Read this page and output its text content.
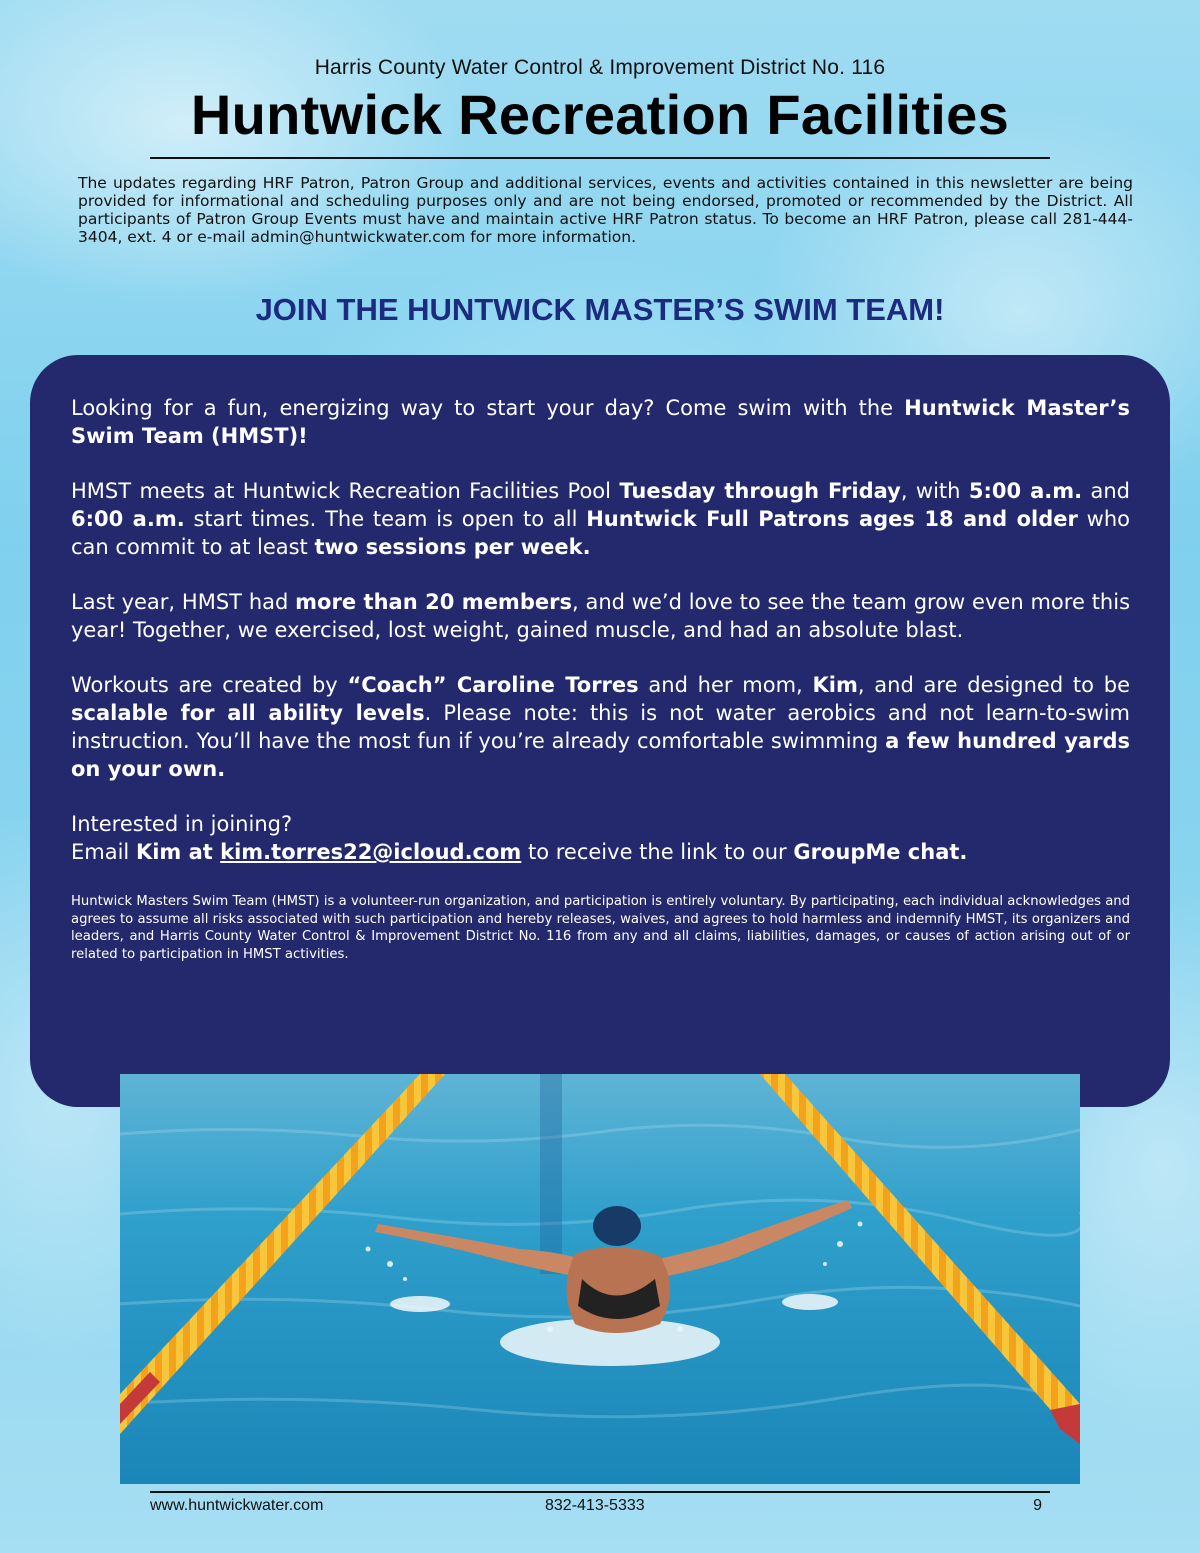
Harris County Water Control & Improvement District No. 116
Huntwick Recreation Facilities
The updates regarding HRF Patron, Patron Group and additional services, events and activities contained in this newsletter are being provided for informational and scheduling purposes only and are not being endorsed, promoted or recommended by the District. All participants of Patron Group Events must have and maintain active HRF Patron status. To become an HRF Patron, please call 281-444-3404, ext. 4 or e-mail admin@huntwickwater.com for more information.
JOIN THE HUNTWICK MASTER’S SWIM TEAM!

Looking for a fun, energizing way to start your day? Come swim with the Huntwick Master’s Swim Team (HMST)!

HMST meets at Huntwick Recreation Facilities Pool Tuesday through Friday, with 5:00 a.m. and 6:00 a.m. start times. The team is open to all Huntwick Full Patrons ages 18 and older who can commit to at least two sessions per week.

Last year, HMST had more than 20 members, and we’d love to see the team grow even more this year! Together, we exercised, lost weight, gained muscle, and had an absolute blast.

Workouts are created by “Coach” Caroline Torres and her mom, Kim, and are designed to be scalable for all ability levels. Please note: this is not water aerobics and not learn-to-swim instruction. You’ll have the most fun if you’re already comfortable swimming a few hundred yards on your own.

Interested in joining?
Email Kim at kim.torres22@icloud.com to receive the link to our GroupMe chat.

Huntwick Masters Swim Team (HMST) is a volunteer-run organization, and participation is entirely voluntary. By participating, each individual acknowledges and agrees to assume all risks associated with such participation and hereby releases, waives, and agrees to hold harmless and indemnify HMST, its organizers and leaders, and Harris County Water Control & Improvement District No. 116 from any and all claims, liabilities, damages, or causes of action arising out of or related to participation in HMST activities.
www.huntwickwater.com	832-413-5333	9
